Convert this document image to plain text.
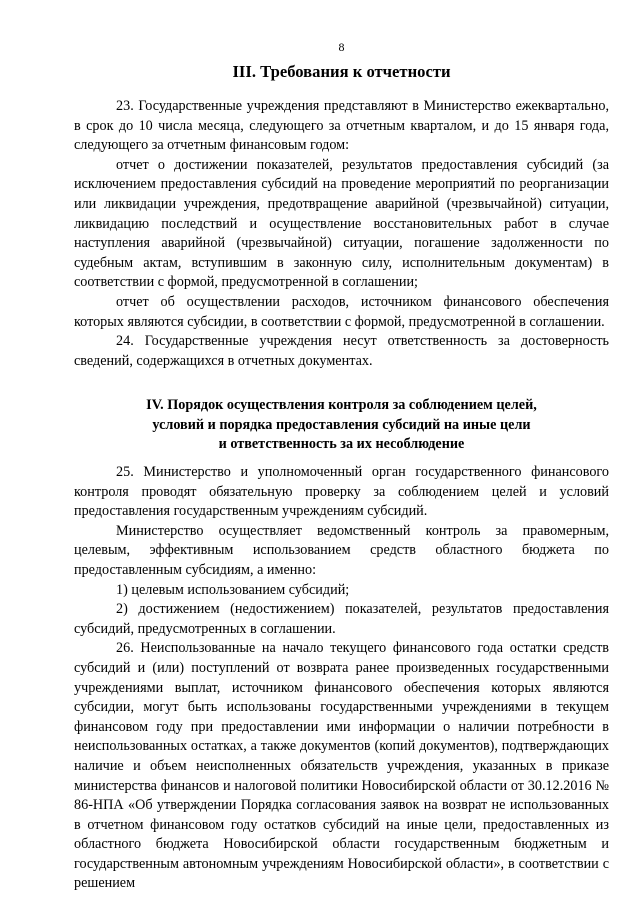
8
III. Требования к отчетности

23. Государственные учреждения представляют в Министерство ежеквартально, в срок до 10 числа месяца, следующего за отчетным кварталом, и до 15 января года, следующего за отчетным финансовым годом:

отчет о достижении показателей, результатов предоставления субсидий (за исключением предоставления субсидий на проведение мероприятий по реорганизации или ликвидации учреждения, предотвращение аварийной (чрезвычайной) ситуации, ликвидацию последствий и осуществление восстановительных работ в случае наступления аварийной (чрезвычайной) ситуации, погашение задолженности по судебным актам, вступившим в законную силу, исполнительным документам) в соответствии с формой, предусмотренной в соглашении;

отчет об осуществлении расходов, источником финансового обеспечения которых являются субсидии, в соответствии с формой, предусмотренной в соглашении.

24. Государственные учреждения несут ответственность за достоверность сведений, содержащихся в отчетных документах.

IV. Порядок осуществления контроля за соблюдением целей,
условий и порядка предоставления субсидий на иные цели
и ответственность за их несоблюдение

25. Министерство и уполномоченный орган государственного финансового контроля проводят обязательную проверку за соблюдением целей и условий предоставления государственным учреждениям субсидий.

Министерство осуществляет ведомственный контроль за правомерным, целевым, эффективным использованием средств областного бюджета по предоставленным субсидиям, а именно:

1) целевым использованием субсидий;

2) достижением (недостижением) показателей, результатов предоставления субсидий, предусмотренных в соглашении.

26. Неиспользованные на начало текущего финансового года остатки средств субсидий и (или) поступлений от возврата ранее произведенных государственными учреждениями выплат, источником финансового обеспечения которых являются субсидии, могут быть использованы государственными учреждениями в текущем финансовом году при предоставлении ими информации о наличии потребности в неиспользованных остатках, а также документов (копий документов), подтверждающих наличие и объем неисполненных обязательств учреждения, указанных в приказе министерства финансов и налоговой политики Новосибирской области от 30.12.2016 № 86-НПА «Об утверждении Порядка согласования заявок на возврат не использованных в отчетном финансовом году остатков субсидий на иные цели, предоставленных из областного бюджета Новосибирской области государственным бюджетным и государственным автономным учреждениям Новосибирской области», в соответствии с решением
